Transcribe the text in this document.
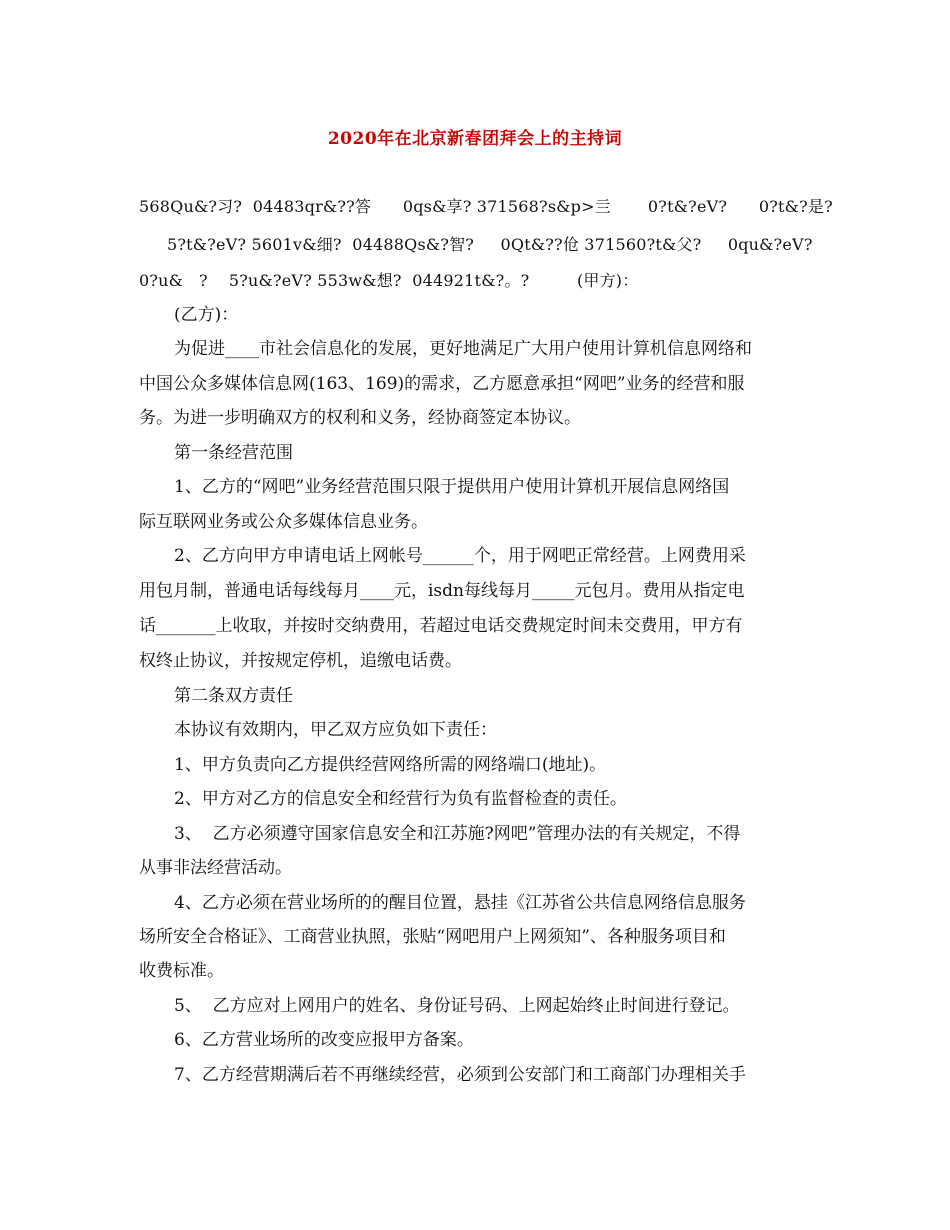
2020年在北京新春团拜会上的主持词
568Qu&?习?  04483qr&??答      0qs&享? 371568?s&p>亖       0?t&?eV?      0?t&?是?
5?t&?eV? 5601v&细?  04488Qs&?智?     0Qt&??伧 371560?t&父?     0qu&?eV?
0?u&   ?    5?u&?eV? 553w&想?  044921t&?。?         (甲方)：
(乙方)：
为促进____市社会信息化的发展，更好地满足广大用户使用计算机信息网络和
中国公众多媒体信息网(163、169)的需求，乙方愿意承担“网吧”业务的经营和服
务。为进一步明确双方的权利和义务，经协商签定本协议。
第一条经营范围
1、乙方的“网吧”业务经营范围只限于提供用户使用计算机开展信息网络国
际互联网业务或公众多媒体信息业务。
2、乙方向甲方申请电话上网帐号______个，用于网吧正常经营。上网费用采
用包月制，普通电话每线每月____元，isdn每线每月_____元包月。费用从指定电
话_______上收取，并按时交纳费用，若超过电话交费规定时间未交费用，甲方有
权终止协议，并按规定停机，追缴电话费。
第二条双方责任
本协议有效期内，甲乙双方应负如下责任：
1、甲方负责向乙方提供经营网络所需的网络端口(地址)。
2、甲方对乙方的信息安全和经营行为负有监督检查的责任。
3、  乙方必须遵守国家信息安全和江苏施?网吧”管理办法的有关规定，不得
从事非法经营活动。
4、乙方必须在营业场所的的醒目位置，悬挂《江苏省公共信息网络信息服务
场所安全合格证》、工商营业执照，张贴“网吧用户上网须知”、各种服务项目和
收费标准。
5、  乙方应对上网用户的姓名、身份证号码、上网起始终止时间进行登记。
6、乙方营业场所的改变应报甲方备案。
7、乙方经营期满后若不再继续经营，必须到公安部门和工商部门办理相关手
